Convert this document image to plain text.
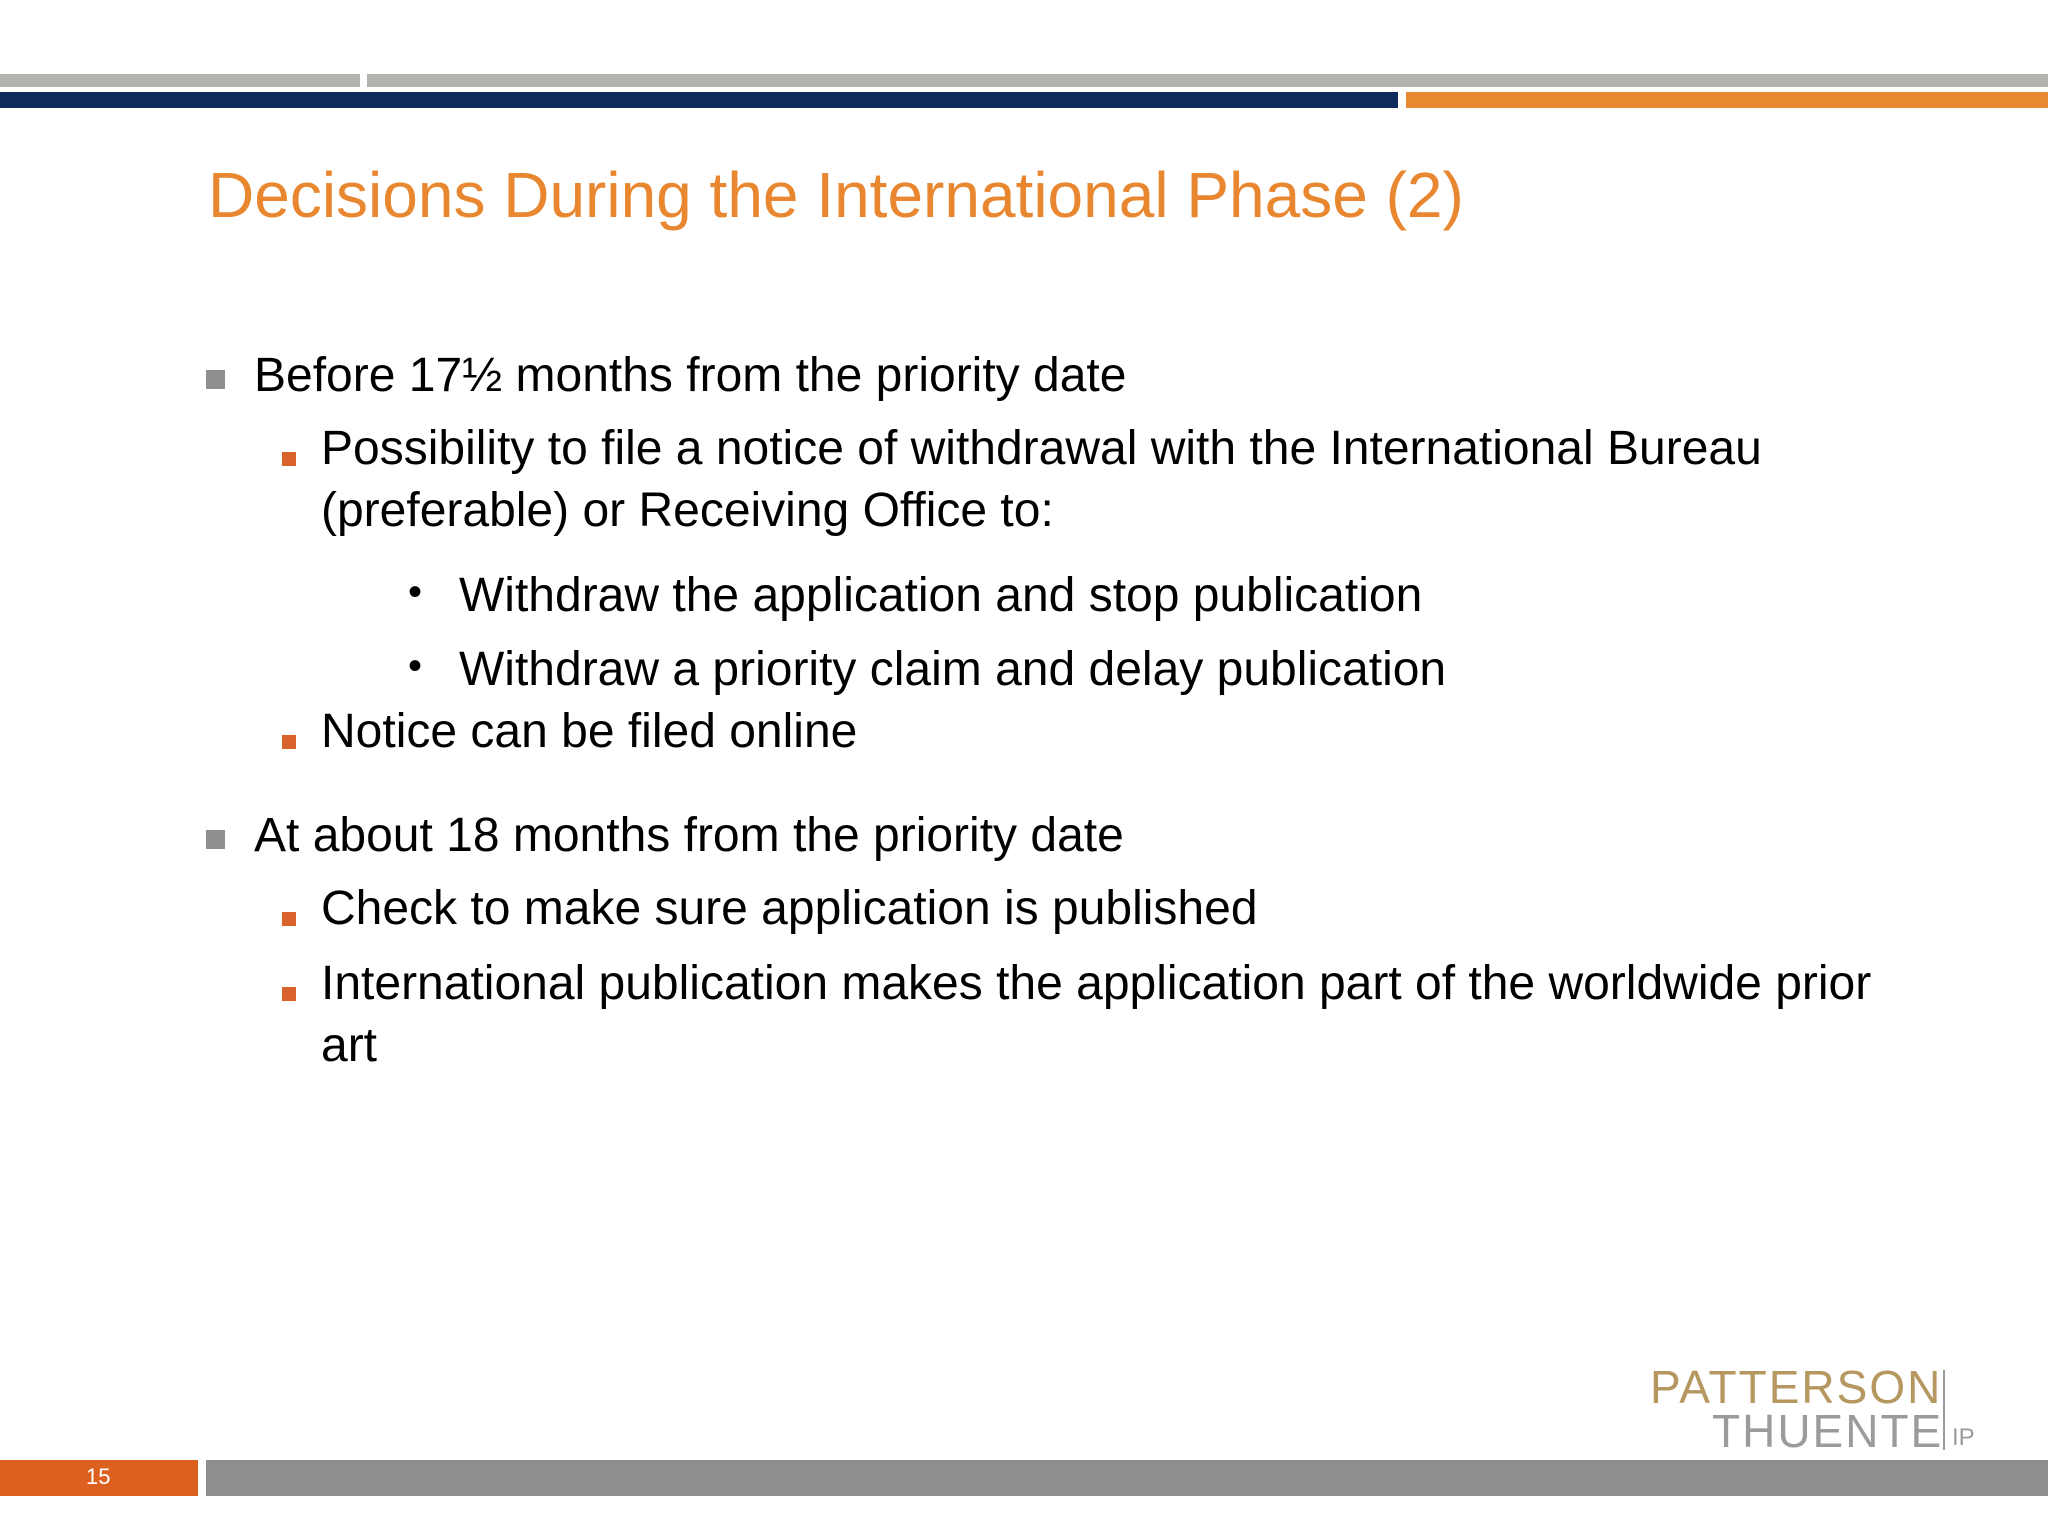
Decisions During the International Phase (2)
Before 17½ months from the priority date
Possibility to file a notice of withdrawal with the International Bureau
(preferable) or Receiving Office to:
• Withdraw the application and stop publication
• Withdraw a priority claim and delay publication
Notice can be filed online
At about 18 months from the priority date
Check to make sure application is published
International publication makes the application part of the worldwide prior
art
PATTERSON
THUENTE IP
15
